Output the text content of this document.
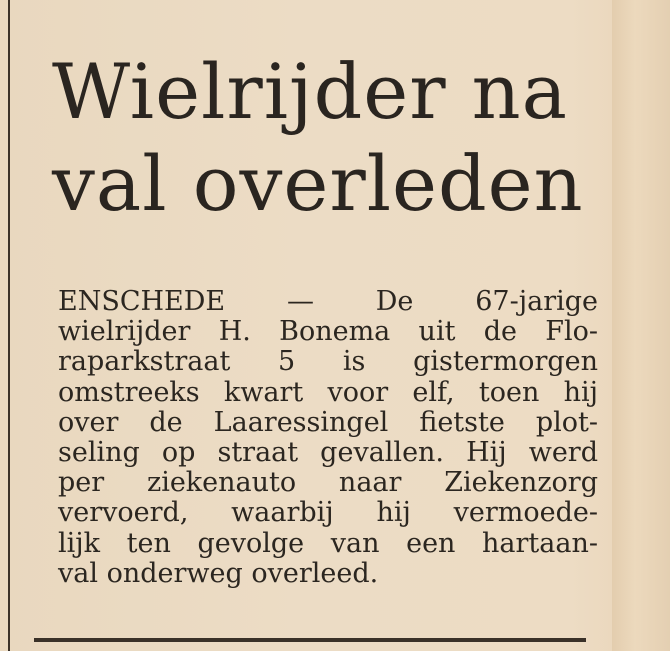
Wielrijder na
val overleden

ENSCHEDE — De 67-jarige
wielrijder H. Bonema uit de Flo-
raparkstraat 5 is gistermorgen
omstreeks kwart voor elf, toen hij
over de Laaressingel fietste plot-
seling op straat gevallen. Hij werd
per ziekenauto naar Ziekenzorg
vervoerd, waarbij hij vermoede-
lijk ten gevolge van een hartaan-
val onderweg overleed.
